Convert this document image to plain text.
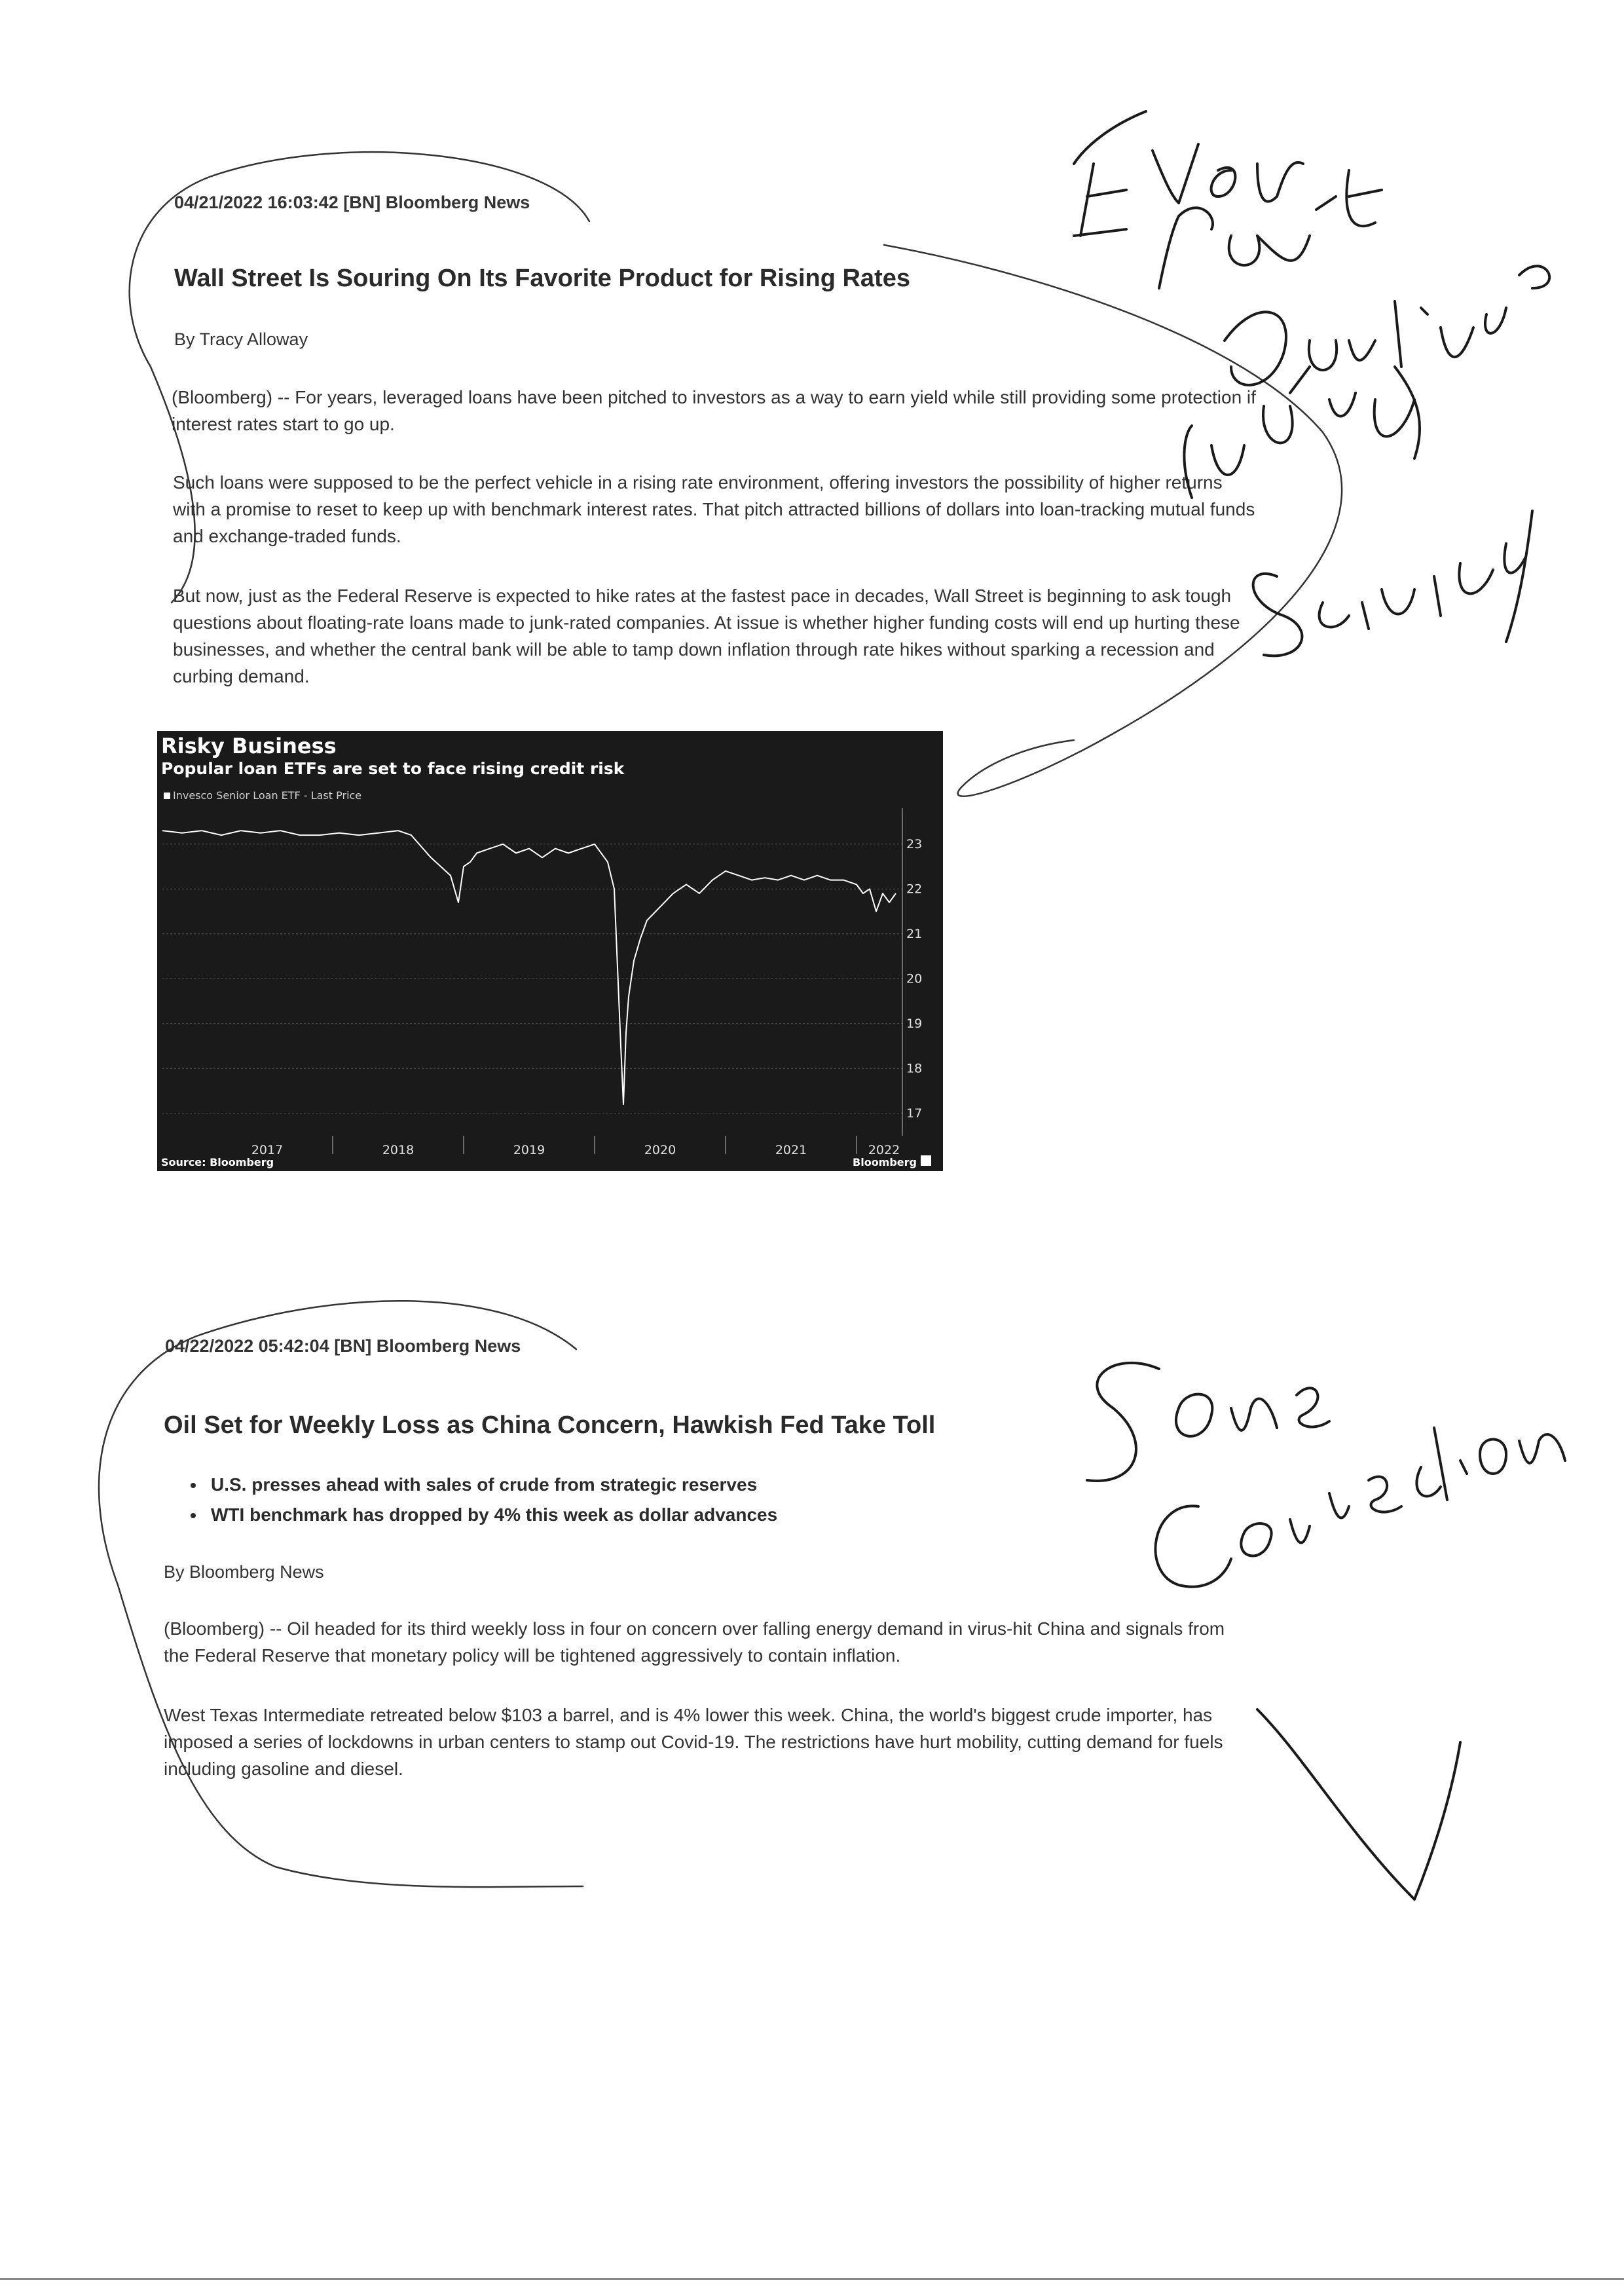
04/21/2022 16:03:42 [BN] Bloomberg News
Wall Street Is Souring On Its Favorite Product for Rising Rates
By Tracy Alloway
(Bloomberg) -- For years, leveraged loans have been pitched to investors as a way to earn yield while still providing some protection if interest rates start to go up.
Such loans were supposed to be the perfect vehicle in a rising rate environment, offering investors the possibility of higher returns with a promise to reset to keep up with benchmark interest rates. That pitch attracted billions of dollars into loan-tracking mutual funds and exchange-traded funds.
But now, just as the Federal Reserve is expected to hike rates at the fastest pace in decades, Wall Street is beginning to ask tough questions about floating-rate loans made to junk-rated companies. At issue is whether higher funding costs will end up hurting these businesses, and whether the central bank will be able to tamp down inflation through rate hikes without sparking a recession and curbing demand.
Risky Business
Popular loan ETFs are set to face rising credit risk
Invesco Senior Loan ETF - Last Price
23
22
21
20
19
18
17
2017	2018	2019	2020	2021	2022
Source: Bloomberg	Bloomberg
04/22/2022 05:42:04 [BN] Bloomberg News
Oil Set for Weekly Loss as China Concern, Hawkish Fed Take Toll
• U.S. presses ahead with sales of crude from strategic reserves
• WTI benchmark has dropped by 4% this week as dollar advances
By Bloomberg News
(Bloomberg) -- Oil headed for its third weekly loss in four on concern over falling energy demand in virus-hit China and signals from the Federal Reserve that monetary policy will be tightened aggressively to contain inflation.
West Texas Intermediate retreated below $103 a barrel, and is 4% lower this week. China, the world's biggest crude importer, has imposed a series of lockdowns in urban centers to stamp out Covid-19. The restrictions have hurt mobility, cutting demand for fuels including gasoline and diesel.
